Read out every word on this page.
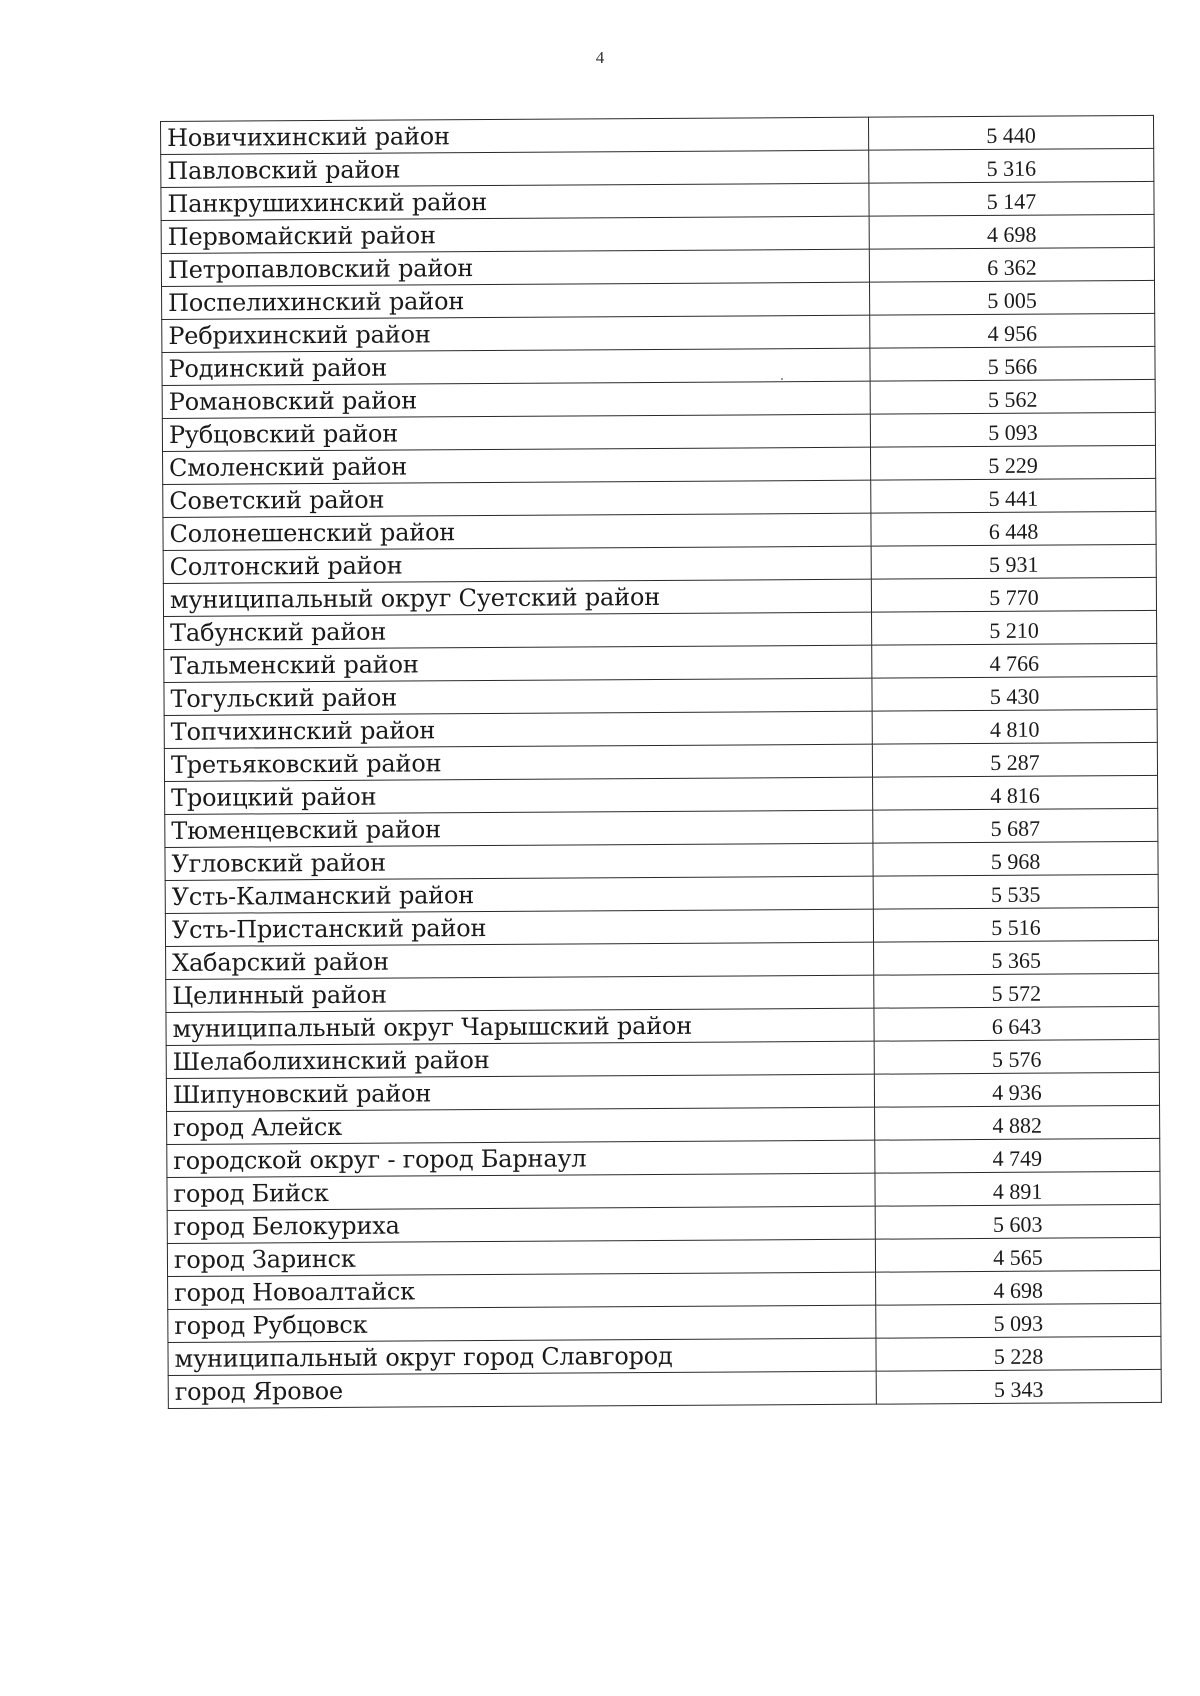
4
Новичихинский район	5 440
Павловский район	5 316
Панкрушихинский район	5 147
Первомайский район	4 698
Петропавловский район	6 362
Поспелихинский район	5 005
Ребрихинский район	4 956
Родинский район	5 566
Романовский район	5 562
Рубцовский район	5 093
Смоленский район	5 229
Советский район	5 441
Солонешенский район	6 448
Солтонский район	5 931
муниципальный округ Суетский район	5 770
Табунский район	5 210
Тальменский район	4 766
Тогульский район	5 430
Топчихинский район	4 810
Третьяковский район	5 287
Троицкий район	4 816
Тюменцевский район	5 687
Угловский район	5 968
Усть-Калманский район	5 535
Усть-Пристанский район	5 516
Хабарский район	5 365
Целинный район	5 572
муниципальный округ Чарышский район	6 643
Шелаболихинский район	5 576
Шипуновский район	4 936
город Алейск	4 882
городской округ - город Барнаул	4 749
город Бийск	4 891
город Белокуриха	5 603
город Заринск	4 565
город Новоалтайск	4 698
город Рубцовск	5 093
муниципальный округ город Славгород	5 228
город Яровое	5 343
